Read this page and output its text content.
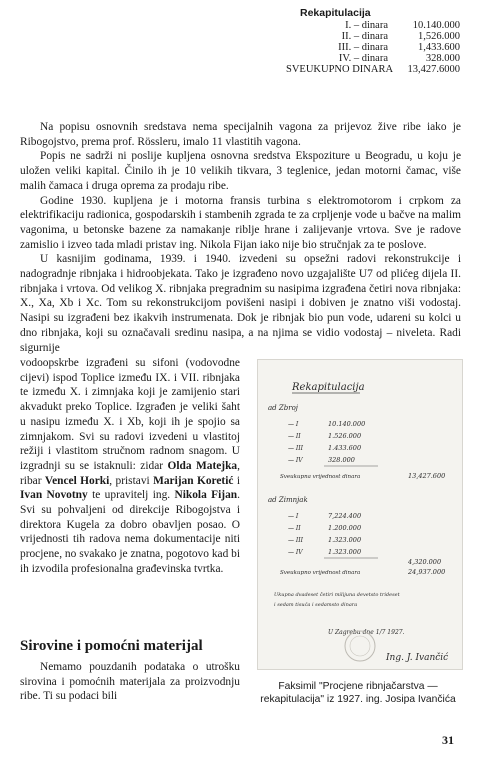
Rekapitulacija
I. – dinara	10.140.000
II. – dinara	1,526.000
III. – dinara	1,433.600
IV. – dinara	328.000
SVEUKUPNO DINARA	13,427.6000

Na popisu osnovnih sredstava nema specijalnih vagona za prijevoz žive ribe iako je Ribogojstvo, prema prof. Rössleru, imalo 11 vlastitih vagona.

Popis ne sadrži ni poslije kupljena osnovna sredstva Ekspoziture u Beogradu, u koju je uložen veliki kapital. Činilo ih je 10 velikih tikvara, 3 teglenice, jedan motorni čamac, više malih čamaca i druga oprema za prodaju ribe.

Godine 1930. kupljena je i motorna fransis turbina s elektromotorom i crpkom za elektrifikaciju radionica, gospodarskih i stambenih zgrada te za crpljenje vode u bačve na malim vagonima, u betonske bazene za namakanje riblje hrane i zalijevanje vrtova. Sve je radove zamislio i izveo tada mladi pristav ing. Nikola Fijan iako nije bio stručnjak za te poslove.

U kasnijim godinama, 1939. i 1940. izvedeni su opsežni radovi rekonstrukcije i nadogradnje ribnjaka i hidroobjekata. Tako je izgrađeno novo uzgajalište U7 od plićeg dijela II. ribnjaka i vrtova. Od velikog X. ribnjaka pregradnim su nasipima izgrađena četiri nova ribnjaka: X., Xa, Xb i Xc. Tom su rekonstrukcijom povišeni nasipi i dobiven je znatno viši vodostaj. Nasipi su izgrađeni bez ikakvih instrumenata. Dok je ribnjak bio pun vode, udareni su kolci u dno ribnjaka, koji su označavali sredinu nasipa, a na njima se vidio vodostaj – niveleta. Radi sigurnije

vodoopskrbe izgrađeni su sifoni (vodovodne cijevi) ispod Toplice između IX. i VII. ribnjaka te između X. i zimnjaka koji je zamijenio stari akvadukt preko Toplice. Izgrađen je veliki šaht u nasipu između X. i Xb, koji ih je spojio sa zimnjakom. Svi su radovi izvedeni u vlastitoj režiji i vlastitom stručnom radnom snagom. U izgradnji su se istaknuli: zidar Olda Matejka, ribar Vencel Horki, pristavi Marijan Koretić i Ivan Novotny te upravitelj ing. Nikola Fijan. Svi su pohvaljeni od direkcije Ribogojstva i direktora Kugela za dobro obavljen posao. O vrijednosti tih radova nema dokumentacije niti procjene, no svakako je znatna, pogotovo kad bi ih izvodila profesionalna građevinska tvrtka.

Sirovine i pomoćni materijal

Nemamo pouzdanih podataka o utrošku sirovina i pomoćnih materijala za proizvodnju ribe. Ti su podaci bili

Rekapitulacija
ad Zbroj
— I	10.140.000
— II	1.526.000
— III	1.433.600
— IV	328.000
Sveukupna vrijednost dinara	13,427.600
ad Zimnjak
— I	7,224.400
— II	1.200.000
— III	1.323.000
— IV	1.323.000
4,320.000
Sveukupno vrijednost dinara	24,937.000
Ukupna dvadeset četiri milijuna devetsto trideset
i sedam tisuća i sedamsto dinara
U Zagrebu dne 1/7 1927.
Ing. J. Ivančić
Faksimil "Procjene ribnjačarstva — rekapitulacija" iz 1927. ing. Josipa Ivančića
31
